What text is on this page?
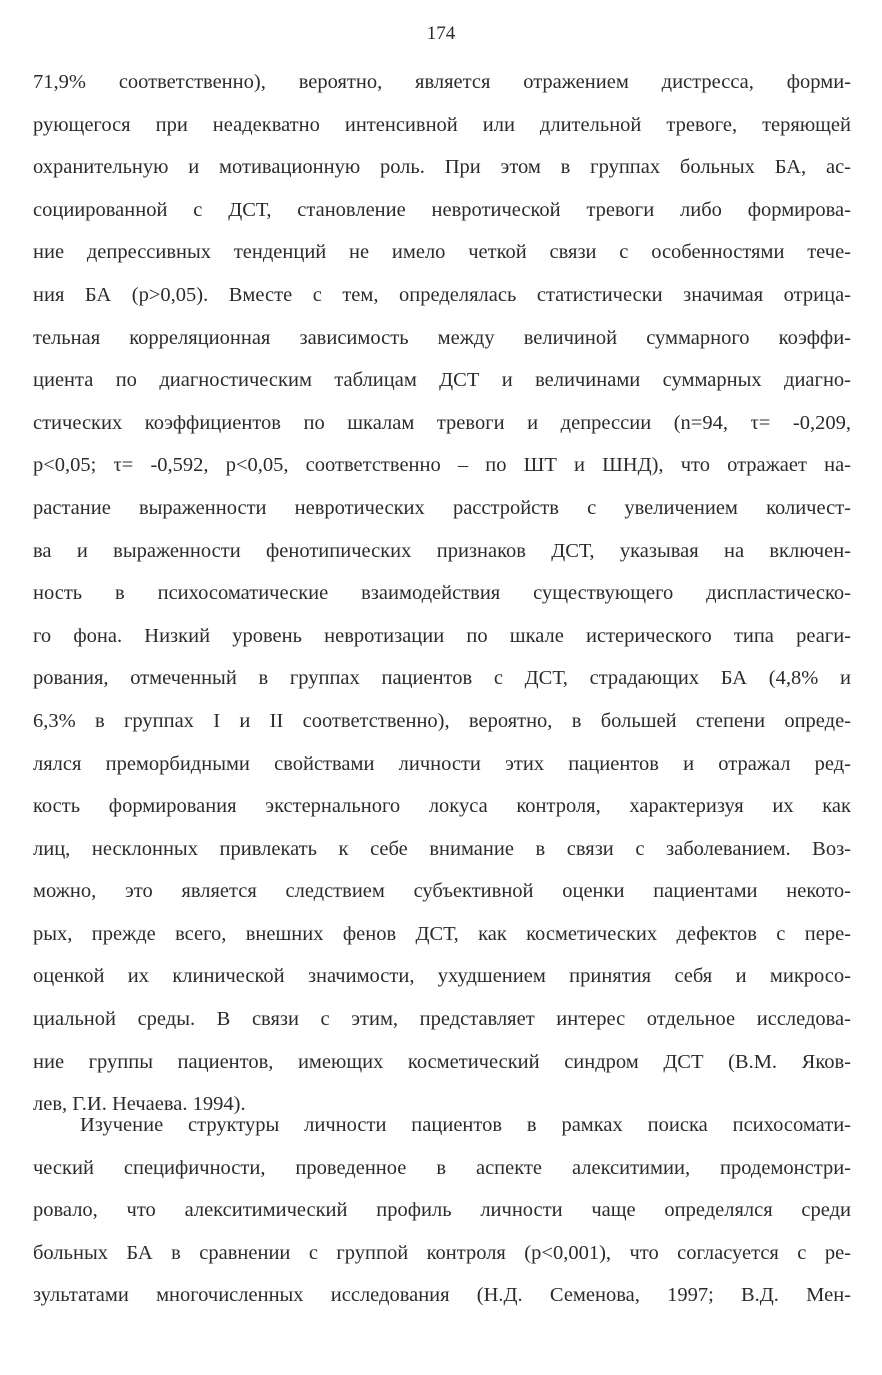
174
71,9% соответственно), вероятно, является отражением дистресса, форми-
рующегося при неадекватно интенсивной или длительной тревоге, теряющей
охранительную и мотивационную роль. При этом в группах больных БА, ас-
социированной с ДСТ, становление невротической тревоги либо формирова-
ние депрессивных тенденций не имело четкой связи с особенностями тече-
ния БА (р>0,05). Вместе с тем, определялась статистически значимая отрица-
тельная корреляционная зависимость между величиной суммарного коэффи-
циента по диагностическим таблицам ДСТ и величинами суммарных диагно-
стических коэффициентов по шкалам тревоги и депрессии (n=94, τ= -0,209,
р<0,05; τ= -0,592, р<0,05, соответственно – по ШТ и ШНД), что отражает на-
растание выраженности невротических расстройств с увеличением количест-
ва и выраженности фенотипических признаков ДСТ, указывая на включен-
ность в психосоматические взаимодействия существующего диспластическо-
го фона. Низкий уровень невротизации по шкале истерического типа реаги-
рования, отмеченный в группах пациентов с ДСТ, страдающих БА (4,8% и
6,3% в группах I и II соответственно), вероятно, в большей степени опреде-
лялся преморбидными свойствами личности этих пациентов и отражал ред-
кость формирования экстернального локуса контроля, характеризуя их как
лиц, несклонных привлекать к себе внимание в связи с заболеванием. Воз-
можно, это является следствием субъективной оценки пациентами некото-
рых, прежде всего, внешних фенов ДСТ, как косметических дефектов с пере-
оценкой их клинической значимости, ухудшением принятия себя и микросо-
циальной среды. В связи с этим, представляет интерес отдельное исследова-
ние группы пациентов, имеющих косметический синдром ДСТ (В.М. Яков-
лев, Г.И. Нечаева. 1994).
Изучение структуры личности пациентов в рамках поиска психосомати-
ческий специфичности, проведенное в аспекте алекситимии, продемонстри-
ровало, что алекситимический профиль личности чаще определялся среди
больных БА в сравнении с группой контроля (р<0,001), что согласуется с ре-
зультатами многочисленных исследования (Н.Д. Семенова, 1997; В.Д. Мен-
